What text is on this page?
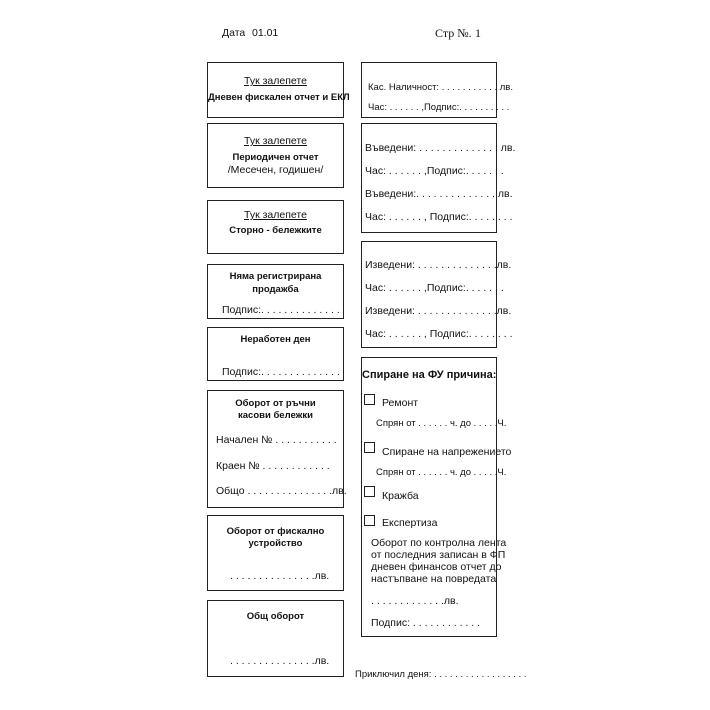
Дата 01.01	Стр №. 1
Тук залепете
Дневен фискален отчет и ЕКЛ
Тук залепете
Периодичен отчет
/Месечен, годишен/
Тук залепете
Сторно - бележките
Няма регистрирана
продажба
Подпис:. . . . . . . . . . . . . .
Неработен ден
Подпис:. . . . . . . . . . . . . .
Оборот от ръчни
касови бележки
Начален № . . . . . . . . . . .
Краен № . . . . . . . . . . . .
Общо . . . . . . . . . . . . . . .лв.
Оборот от фискално
устройство
. . . . . . . . . . . . . . .лв.
Общ оборот
. . . . . . . . . . . . . . .лв.
Кас. Наличност: . . . . . . . . . . . лв.
Час: . . . . . . ,Подпис:. . . . . . . . . .
Въведени: . . . . . . . . . . . . . . лв.
Час: . . . . . . ,Подпис:. . . . . . .
Въведени:. . . . . . . . . . . . . . лв.
Час: . . . . . . , Подпис:. . . . . . . .
Изведени: . . . . . . . . . . . . . .лв.
Час: . . . . . . ,Подпис:. . . . . . .
Изведени: . . . . . . . . . . . . . .лв.
Час: . . . . . . , Подпис:. . . . . . . .
Спиране на ФУ причина:
Ремонт
Спрян от . . . . . . ч. до . . . . .Ч.
Спиране на напрежението
Спрян от . . . . . . ч. до . . . . .Ч.
Кражба
Експертиза
Оборот по контролна лента
от последния записан в ФП
дневен финансов отчет до
настъпване на повредата
. . . . . . . . . . . . .лв.
Подпис: . . . . . . . . . . . .
Приключил деня: . . . . . . . . . . . . . . . . . .
